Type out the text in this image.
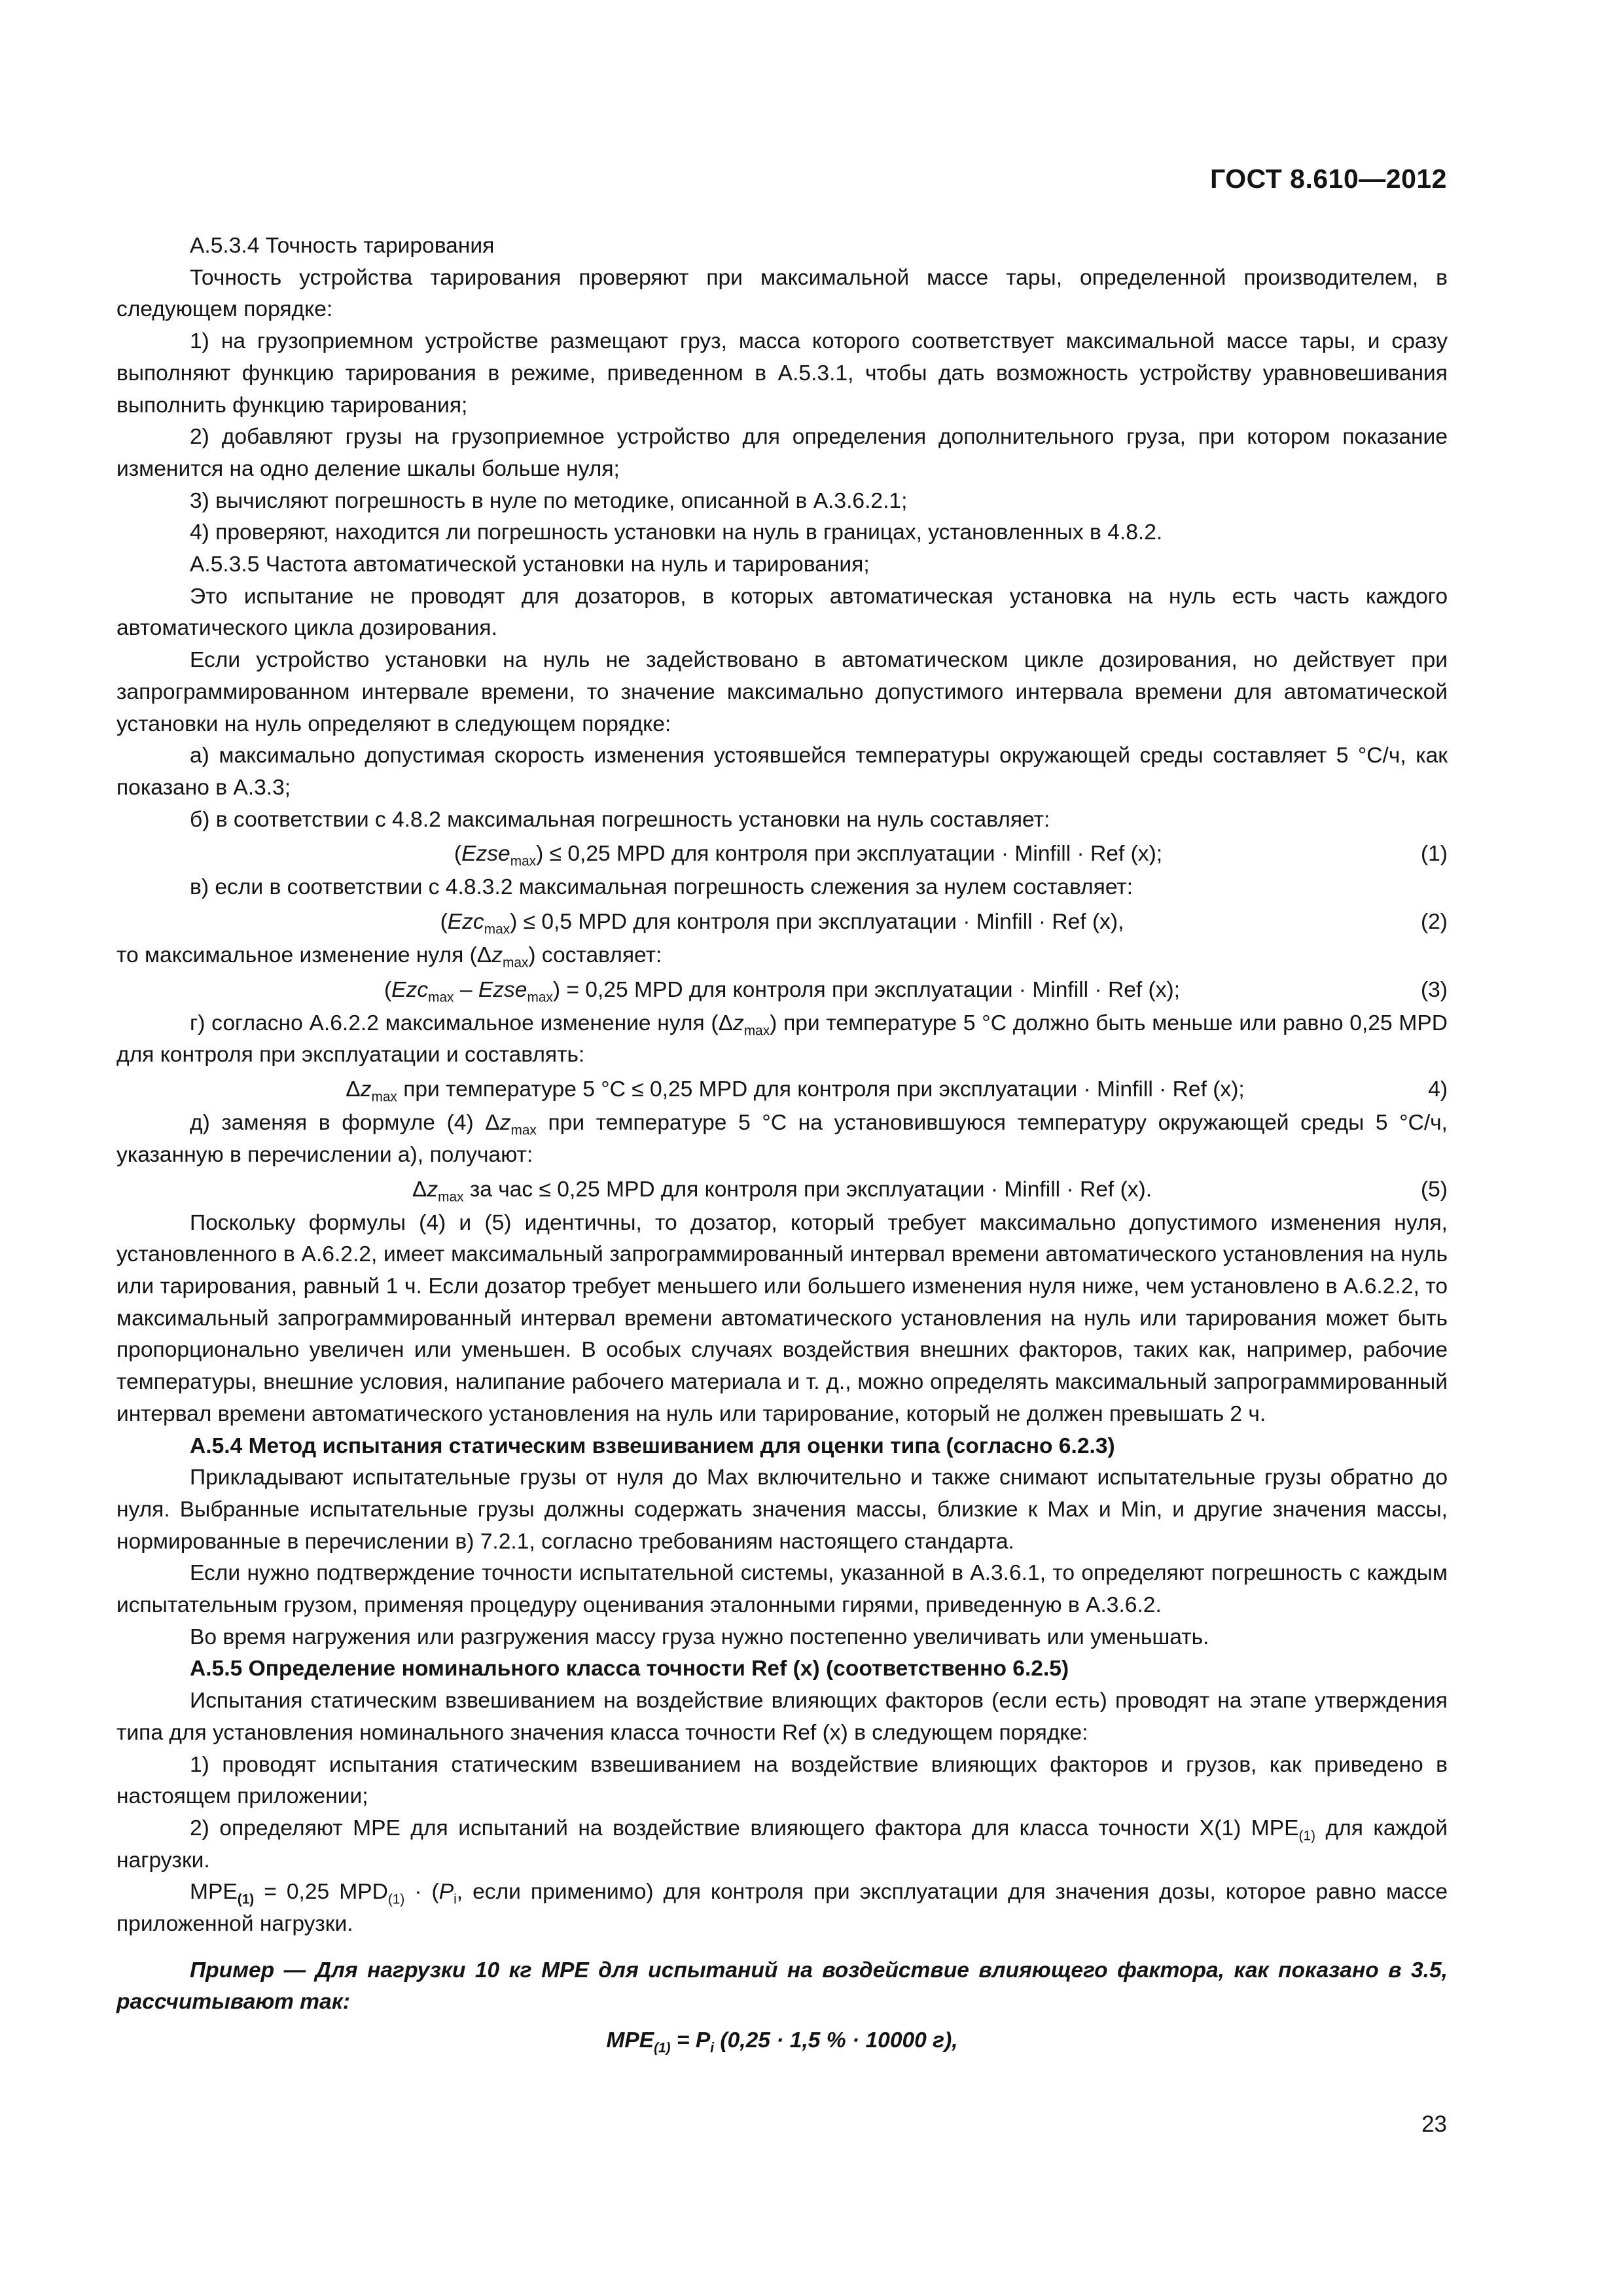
ГОСТ 8.610—2012

А.5.3.4 Точность тарирования

Точность устройства тарирования проверяют при максимальной массе тары, определенной производителем, в следующем порядке:

1) на грузоприемном устройстве размещают груз, масса которого соответствует максимальной массе тары, и сразу выполняют функцию тарирования в режиме, приведенном в А.5.3.1, чтобы дать возможность устройству уравновешивания выполнить функцию тарирования;

2) добавляют грузы на грузоприемное устройство для определения дополнительного груза, при котором показание изменится на одно деление шкалы больше нуля;

3) вычисляют погрешность в нуле по методике, описанной в А.3.6.2.1;

4) проверяют, находится ли погрешность установки на нуль в границах, установленных в 4.8.2.

А.5.3.5 Частота автоматической установки на нуль и тарирования;

Это испытание не проводят для дозаторов, в которых автоматическая установка на нуль есть часть каждого автоматического цикла дозирования.

Если устройство установки на нуль не задействовано в автоматическом цикле дозирования, но действует при запрограммированном интервале времени, то значение максимально допустимого интервала времени для автоматической установки на нуль определяют в следующем порядке:

а) максимально допустимая скорость изменения устоявшейся температуры окружающей среды составляет 5 °С/ч, как показано в А.3.3;

б) в соответствии с 4.8.2 максимальная погрешность установки на нуль составляет:

(Ezse$_{max}$) ≤ 0,25 MPD для контроля при эксплуатации · Minfill · Ref (x);	(1)

в) если в соответствии с 4.8.3.2 максимальная погрешность слежения за нулем составляет:

(Ezc$_{max}$) ≤ 0,5 MPD для контроля при эксплуатации · Minfill · Ref (x),	(2)

то максимальное изменение нуля $(\Delta z_{max})$ составляет:

(Ezc$_{max}$ – Ezse$_{max}$) = 0,25 MPD для контроля при эксплуатации · Minfill · Ref (x);	(3)

г) согласно А.6.2.2 максимальное изменение нуля $(\Delta z_{max})$ при температуре 5 °С должно быть меньше или равно 0,25 MPD для контроля при эксплуатации и составлять:

$\Delta z_{max}$ при температуре 5 °С ≤ 0,25 MPD для контроля при эксплуатации · Minfill · Ref (x);	4)

д) заменяя в формуле (4) $\Delta z_{max}$ при температуре 5 °С на установившуюся температуру окружающей среды 5 °С/ч, указанную в перечислении а), получают:

$\Delta z_{max}$ за час ≤ 0,25 MPD для контроля при эксплуатации · Minfill · Ref (x).	(5)

Поскольку формулы (4) и (5) идентичны, то дозатор, который требует максимально допустимого изменения нуля, установленного в А.6.2.2, имеет максимальный запрограммированный интервал времени автоматического установления на нуль или тарирования, равный 1 ч. Если дозатор требует меньшего или большего изменения нуля ниже, чем установлено в А.6.2.2, то максимальный запрограммированный интервал времени автоматического установления на нуль или тарирования может быть пропорционально увеличен или уменьшен. В особых случаях воздействия внешних факторов, таких как, например, рабочие температуры, внешние условия, налипание рабочего материала и т. д., можно определять максимальный запрограммированный интервал времени автоматического установления на нуль или тарирование, который не должен превышать 2 ч.

А.5.4 Метод испытания статическим взвешиванием для оценки типа (согласно 6.2.3)

Прикладывают испытательные грузы от нуля до Max включительно и также снимают испытательные грузы обратно до нуля. Выбранные испытательные грузы должны содержать значения массы, близкие к Max и Min, и другие значения массы, нормированные в перечислении в) 7.2.1, согласно требованиям настоящего стандарта.

Если нужно подтверждение точности испытательной системы, указанной в А.3.6.1, то определяют погрешность с каждым испытательным грузом, применяя процедуру оценивания эталонными гирями, приведенную в А.3.6.2.

Во время нагружения или разгружения массу груза нужно постепенно увеличивать или уменьшать.

А.5.5 Определение номинального класса точности Ref (x) (соответственно 6.2.5)

Испытания статическим взвешиванием на воздействие влияющих факторов (если есть) проводят на этапе утверждения типа для установления номинального значения класса точности Ref (x) в следующем порядке:

1) проводят испытания статическим взвешиванием на воздействие влияющих факторов и грузов, как приведено в настоящем приложении;

2) определяют МРЕ для испытаний на воздействие влияющего фактора для класса точности X(1) $МРЕ_{(1)}$ для каждой нагрузки.

$МРЕ_{(1)} = 0,25$ $MPD_{(1)} \cdot (P_i$, если применимо) для контроля при эксплуатации для значения дозы, которое равно массе приложенной нагрузки.

Пример — Для нагрузки 10 кг МРЕ для испытаний на воздействие влияющего фактора, как показано в 3.5, рассчитывают так:

$МРЕ_{(1)} = P_i$ (0,25 · 1,5 % · 10000 г),

23
